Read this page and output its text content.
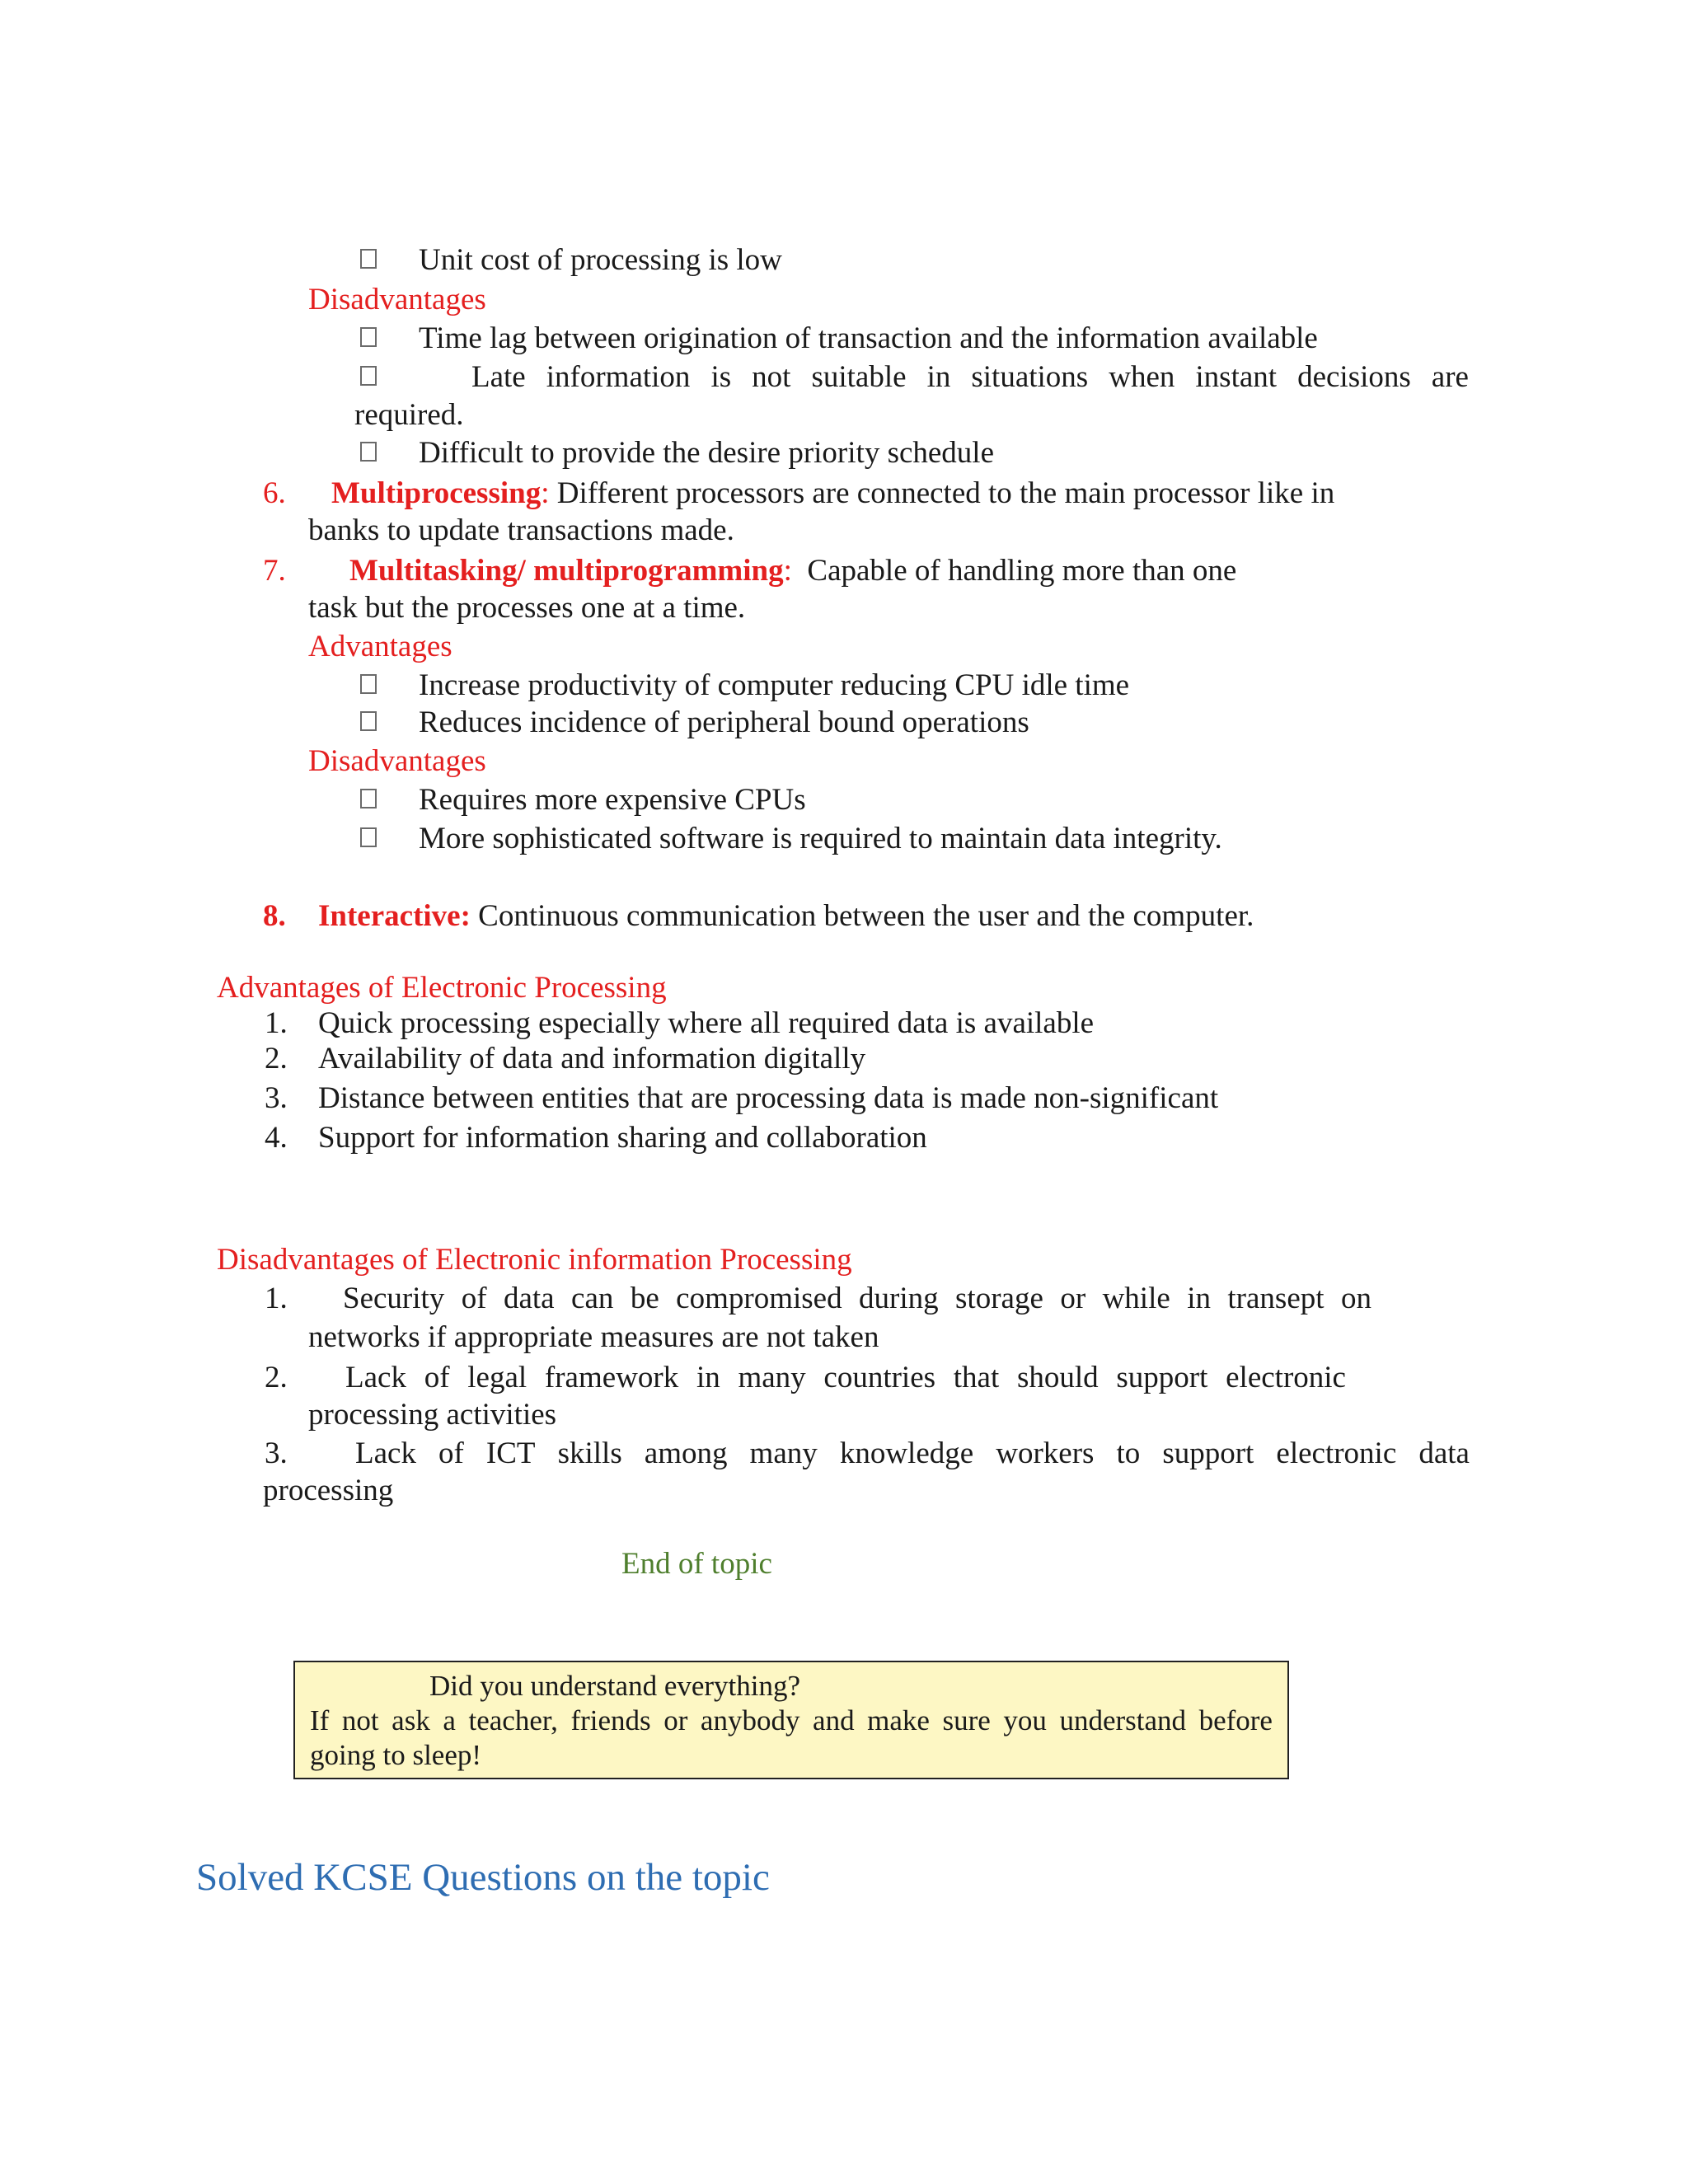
Unit cost of processing is low
Disadvantages
Time lag between origination of transaction and the information available
Late information is not suitable in situations when instant decisions are
required.
Difficult to provide the desire priority schedule
6. Multiprocessing: Different processors are connected to the main processor like in
banks to update transactions made.
7. Multitasking/ multiprogramming: Capable of handling more than one
task but the processes one at a time.
Advantages
Increase productivity of computer reducing CPU idle time
Reduces incidence of peripheral bound operations
Disadvantages
Requires more expensive CPUs
More sophisticated software is required to maintain data integrity.
8. Interactive: Continuous communication between the user and the computer.
Advantages of Electronic Processing
1. Quick processing especially where all required data is available
2. Availability of data and information digitally
3. Distance between entities that are processing data is made non-significant
4. Support for information sharing and collaboration
Disadvantages of Electronic information Processing
1. Security of data can be compromised during storage or while in transept on
networks if appropriate measures are not taken
2. Lack of legal framework in many countries that should support electronic
processing activities
3. Lack of ICT skills among many knowledge workers to support electronic data
processing
End of topic
Did you understand everything?
If not ask a teacher, friends or anybody and make sure you understand before
going to sleep!
Solved KCSE Questions on the topic
